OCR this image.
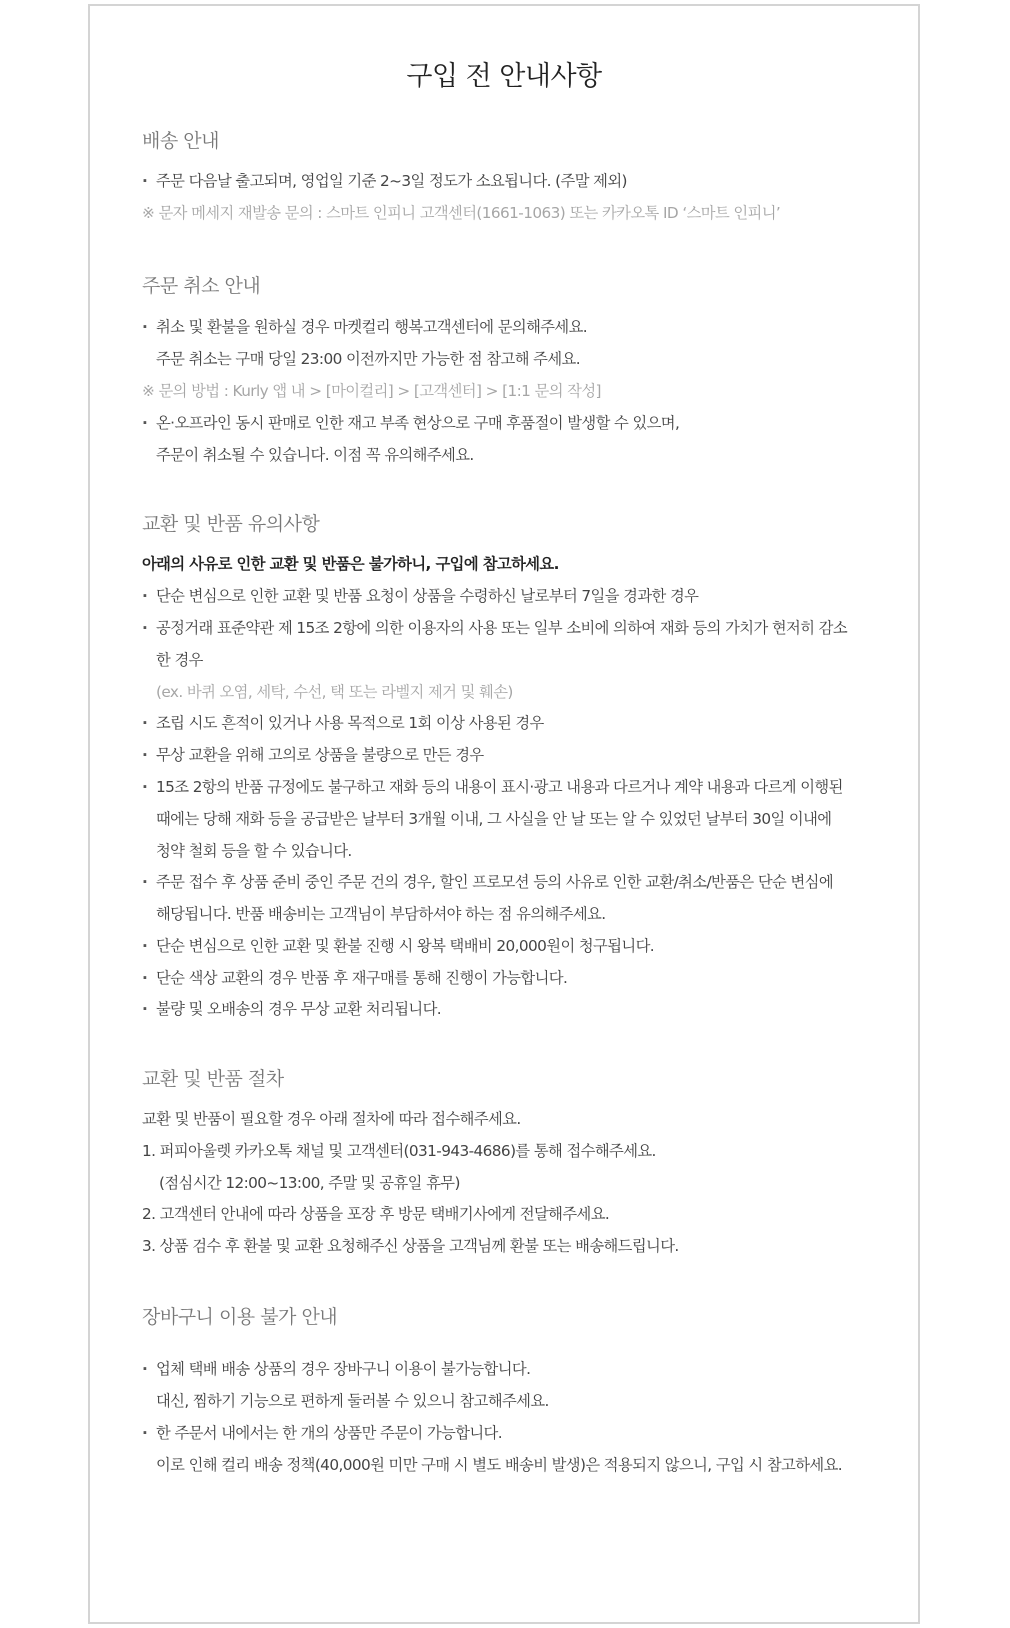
구입 전 안내사항
배송 안내
· 주문 다음날 출고되며, 영업일 기준 2~3일 정도가 소요됩니다. (주말 제외)
※ 문자 메세지 재발송 문의 : 스마트 인피니 고객센터(1661-1063) 또는 카카오톡 ID ‘스마트 인피니’
주문 취소 안내
· 취소 및 환불을 원하실 경우 마켓컬리 행복고객센터에 문의해주세요.
주문 취소는 구매 당일 23:00 이전까지만 가능한 점 참고해 주세요.
※ 문의 방법 : Kurly 앱 내 > [마이컬리] > [고객센터] > [1:1 문의 작성]
· 온·오프라인 동시 판매로 인한 재고 부족 현상으로 구매 후품절이 발생할 수 있으며,
주문이 취소될 수 있습니다. 이점 꼭 유의해주세요.
교환 및 반품 유의사항
아래의 사유로 인한 교환 및 반품은 불가하니, 구입에 참고하세요.
· 단순 변심으로 인한 교환 및 반품 요청이 상품을 수령하신 날로부터 7일을 경과한 경우
· 공정거래 표준약관 제 15조 2항에 의한 이용자의 사용 또는 일부 소비에 의하여 재화 등의 가치가 현저히 감소
한 경우
(ex. 바퀴 오염, 세탁, 수선, 택 또는 라벨지 제거 및 훼손)
· 조립 시도 흔적이 있거나 사용 목적으로 1회 이상 사용된 경우
· 무상 교환을 위해 고의로 상품을 불량으로 만든 경우
· 15조 2항의 반품 규정에도 불구하고 재화 등의 내용이 표시·광고 내용과 다르거나 계약 내용과 다르게 이행된
때에는 당해 재화 등을 공급받은 날부터 3개월 이내, 그 사실을 안 날 또는 알 수 있었던 날부터 30일 이내에
청약 철회 등을 할 수 있습니다.
· 주문 접수 후 상품 준비 중인 주문 건의 경우, 할인 프로모션 등의 사유로 인한 교환/취소/반품은 단순 변심에
해당됩니다. 반품 배송비는 고객님이 부담하셔야 하는 점 유의해주세요.
· 단순 변심으로 인한 교환 및 환불 진행 시 왕복 택배비 20,000원이 청구됩니다.
· 단순 색상 교환의 경우 반품 후 재구매를 통해 진행이 가능합니다.
· 불량 및 오배송의 경우 무상 교환 처리됩니다.
교환 및 반품 절차
교환 및 반품이 필요할 경우 아래 절차에 따라 접수해주세요.
1. 퍼피아울렛 카카오톡 채널 및 고객센터(031-943-4686)를 통해 접수해주세요.
(점심시간 12:00~13:00, 주말 및 공휴일 휴무)
2. 고객센터 안내에 따라 상품을 포장 후 방문 택배기사에게 전달해주세요.
3. 상품 검수 후 환불 및 교환 요청해주신 상품을 고객님께 환불 또는 배송해드립니다.
장바구니 이용 불가 안내
· 업체 택배 배송 상품의 경우 장바구니 이용이 불가능합니다.
대신, 찜하기 기능으로 편하게 둘러볼 수 있으니 참고해주세요.
· 한 주문서 내에서는 한 개의 상품만 주문이 가능합니다.
이로 인해 컬리 배송 정책(40,000원 미만 구매 시 별도 배송비 발생)은 적용되지 않으니, 구입 시 참고하세요.
